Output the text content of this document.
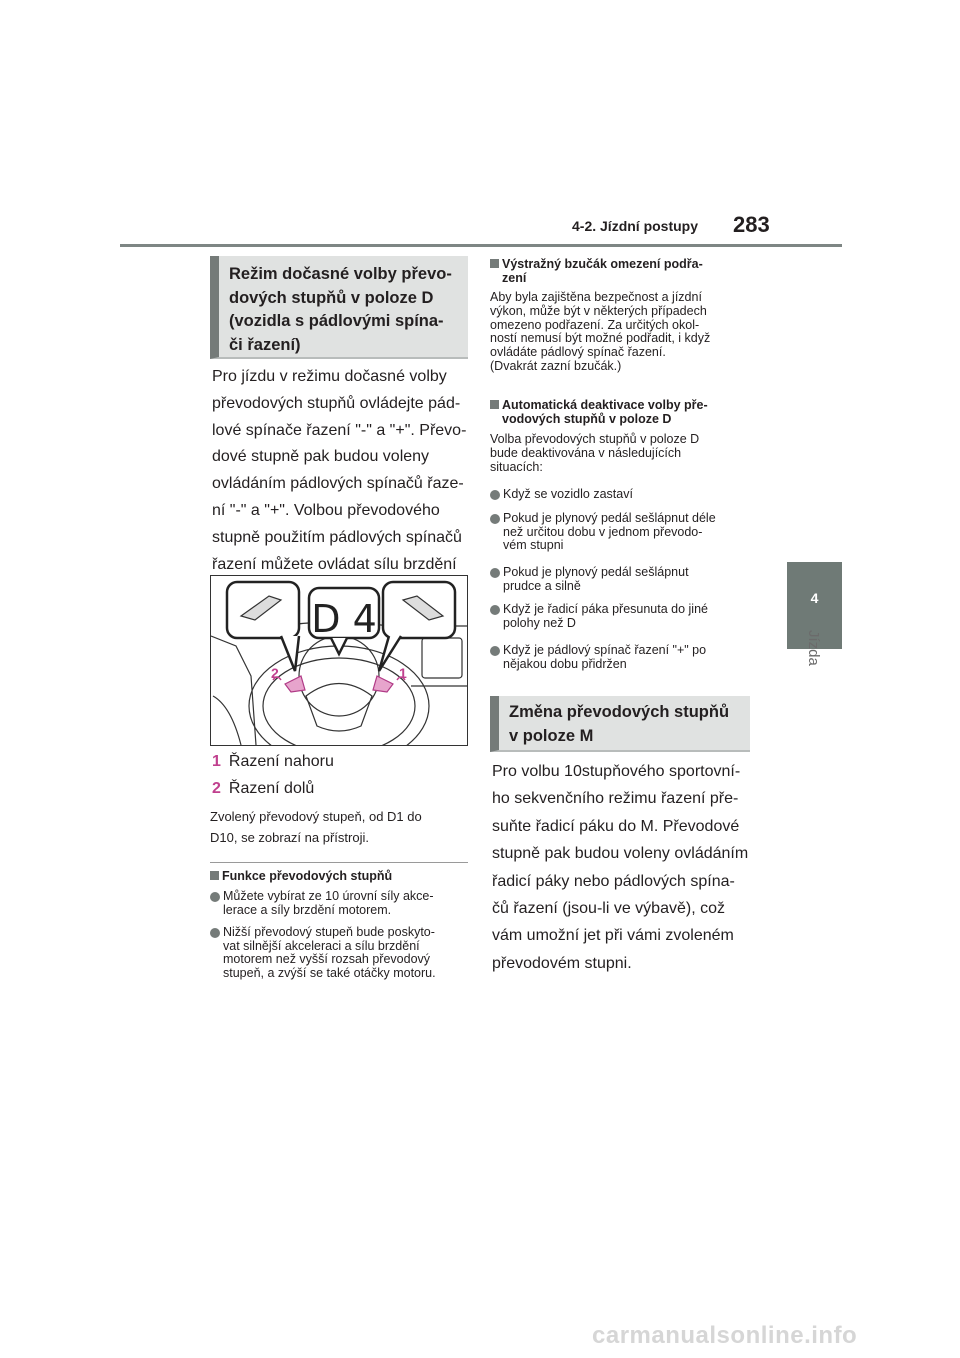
4-2. Jízdní postupy 283
4
Jízda
Režim dočasné volby převo-
dových stupňů v poloze D
(vozidla s pádlovými spína-
či řazení)
Pro jízdu v režimu dočasné volby
převodových stupňů ovládejte pád-
lové spínače řazení "-" a "+". Převo-
dové stupně pak budou voleny
ovládáním pádlových spínačů řaze-
ní "-" a "+". Volbou převodového
stupně použitím pádlových spínačů
řazení můžete ovládat sílu brzdění
D 4
2	1
1 Řazení nahoru
2 Řazení dolů
Zvolený převodový stupeň, od D1 do
D10, se zobrazí na přístroji.
Funkce převodových stupňů
Můžete vybírat ze 10 úrovní síly akce-
lerace a síly brzdění motorem.
Nižší převodový stupeň bude poskyto-
vat silnější akceleraci a sílu brzdění
motorem než vyšší rozsah převodový
stupeň, a zvýší se také otáčky motoru.
Výstražný bzučák omezení podřa-
zení
Aby byla zajištěna bezpečnost a jízdní
výkon, může být v některých případech
omezeno podřazení. Za určitých okol-
ností nemusí být možné podřadit, i když
ovládáte pádlový spínač řazení.
(Dvakrát zazní bzučák.)
Automatická deaktivace volby pře-
vodových stupňů v poloze D
Volba převodových stupňů v poloze D
bude deaktivována v následujících
situacích:
Když se vozidlo zastaví
Pokud je plynový pedál sešlápnut déle
než určitou dobu v jednom převodo-
vém stupni
Pokud je plynový pedál sešlápnut
prudce a silně
Když je řadicí páka přesunuta do jiné
polohy než D
Když je pádlový spínač řazení "+" po
nějakou dobu přidržen
Změna převodových stupňů
v poloze M
Pro volbu 10stupňového sportovní-
ho sekvenčního režimu řazení pře-
suňte řadicí páku do M. Převodové
stupně pak budou voleny ovládáním
řadicí páky nebo pádlových spína-
čů řazení (jsou-li ve výbavě), což
vám umožní jet při vámi zvoleném
převodovém stupni.
carmanualsonline.info
